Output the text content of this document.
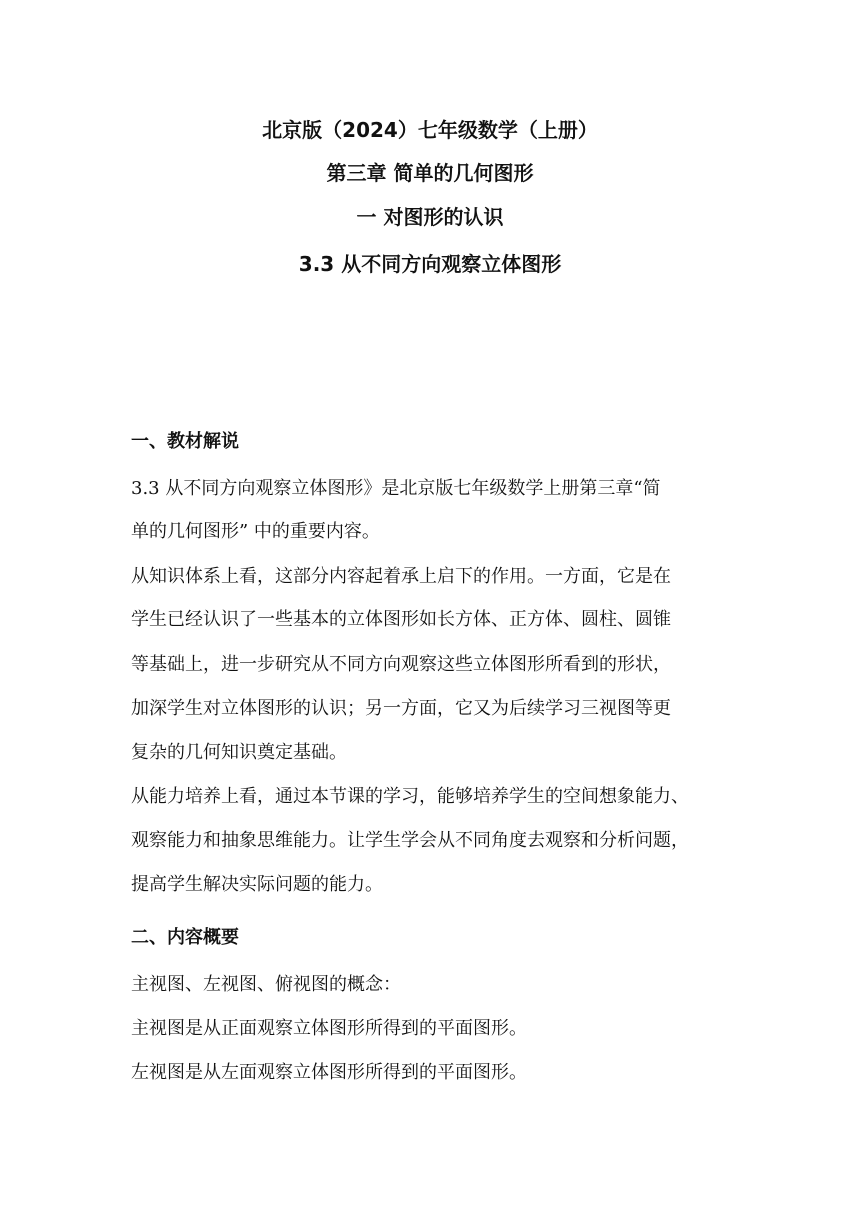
北京版（2024）七年级数学（上册）
第三章 简单的几何图形
一 对图形的认识
3.3 从不同方向观察立体图形
一、教材解说
3.3 从不同方向观察立体图形》是北京版七年级数学上册第三章“简
单的几何图形” 中的重要内容。
从知识体系上看，这部分内容起着承上启下的作用。一方面，它是在
学生已经认识了一些基本的立体图形如长方体、正方体、圆柱、圆锥
等基础上，进一步研究从不同方向观察这些立体图形所看到的形状，
加深学生对立体图形的认识；另一方面，它又为后续学习三视图等更
复杂的几何知识奠定基础。
从能力培养上看，通过本节课的学习，能够培养学生的空间想象能力、
观察能力和抽象思维能力。让学生学会从不同角度去观察和分析问题，
提高学生解决实际问题的能力。
二、内容概要
主视图、左视图、俯视图的概念：
主视图是从正面观察立体图形所得到的平面图形。
左视图是从左面观察立体图形所得到的平面图形。
